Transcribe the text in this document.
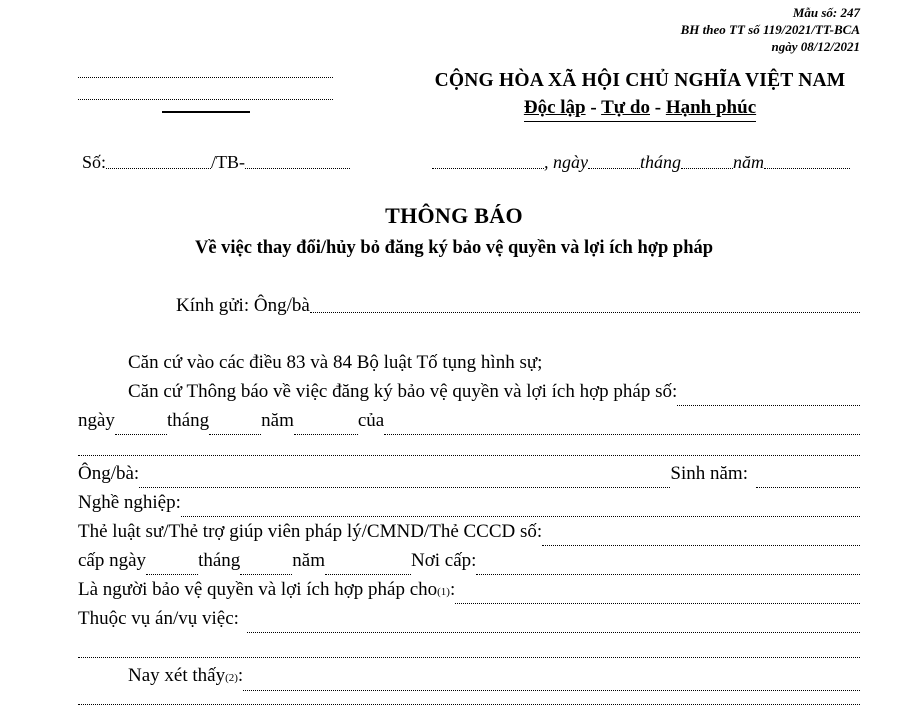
Mẫu số: 247
BH theo TT số 119/2021/TT-BCA
ngày 08/12/2021
Số:	/TB-
CỘNG HÒA XÃ HỘI CHỦ NGHĨA VIỆT NAM
Độc lập - Tự do - Hạnh phúc
, ngày	tháng	năm
THÔNG BÁO
Về việc thay đổi/hủy bỏ đăng ký bảo vệ quyền và lợi ích hợp pháp
Kính gửi: Ông/bà
Căn cứ vào các điều 83 và 84 Bộ luật Tố tụng hình sự;
Căn cứ Thông báo về việc đăng ký bảo vệ quyền và lợi ích hợp pháp số:
ngày	tháng	năm	của
Ông/bà:	Sinh năm:
Nghề nghiệp:
Thẻ luật sư/Thẻ trợ giúp viên pháp lý/CMND/Thẻ CCCD số:
cấp ngày	tháng	năm	Nơi cấp:
Là người bảo vệ quyền và lợi ích hợp pháp cho (1) :
Thuộc vụ án/vụ việc:
Nay xét thấy (2) :
